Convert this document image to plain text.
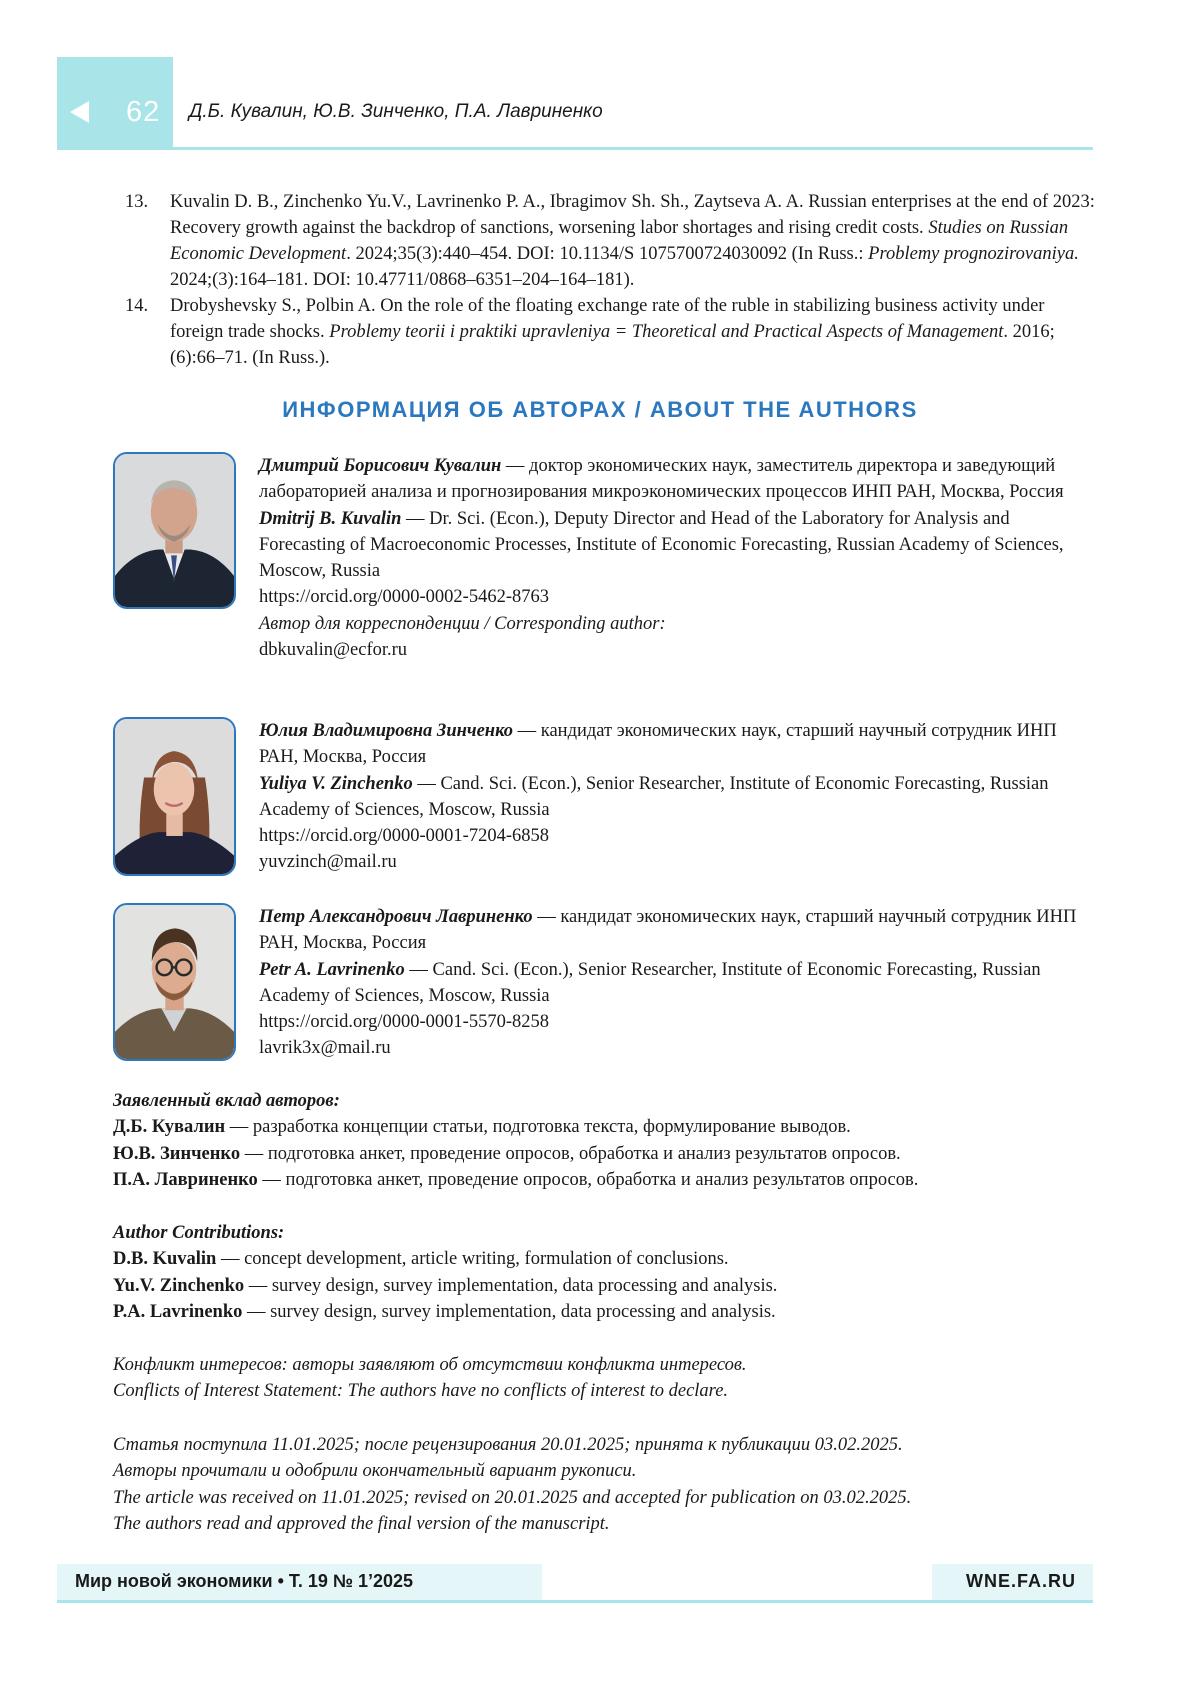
62 Д.Б. Кувалин, Ю.В. Зинченко, П.А. Лавриненко

13. Kuvalin D. B., Zinchenko Yu.V., Lavrinenko P. A., Ibragimov Sh. Sh., Zaytseva A. A. Russian enterprises at the end of 2023: Recovery growth against the backdrop of sanctions, worsening labor shortages and rising credit costs. Studies on Russian Economic Development. 2024;35(3):440–454. DOI: 10.1134/S 1075700724030092 (In Russ.: Problemy prognozirovaniya. 2024;(3):164–181. DOI: 10.47711/0868–6351–204–164–181).

14. Drobyshevsky S., Polbin A. On the role of the floating exchange rate of the ruble in stabilizing business activity under foreign trade shocks. Problemy teorii i praktiki upravleniya = Theoretical and Practical Aspects of Management. 2016;(6):66–71. (In Russ.).

ИНФОРМАЦИЯ ОБ АВТОРАХ / ABOUT THE AUTHORS

Дмитрий Борисович Кувалин — доктор экономических наук, заместитель директора и заведующий лабораторией анализа и прогнозирования микроэкономических процессов ИНП РАН, Москва, Россия

Dmitrij B. Kuvalin — Dr. Sci. (Econ.), Deputy Director and Head of the Laboratory for Analysis and Forecasting of Macroeconomic Processes, Institute of Economic Forecasting, Russian Academy of Sciences, Moscow, Russia

https://orcid.org/0000-0002-5462-8763

Автор для корреспонденции / Corresponding author:

dbkuvalin@ecfor.ru

Юлия Владимировна Зинченко — кандидат экономических наук, старший научный сотрудник ИНП РАН, Москва, Россия

Yuliya V. Zinchenko — Cand. Sci. (Econ.), Senior Researcher, Institute of Economic Forecasting, Russian Academy of Sciences, Moscow, Russia

https://orcid.org/0000-0001-7204-6858

yuvzinch@mail.ru

Петр Александрович Лавриненко — кандидат экономических наук, старший научный сотрудник ИНП РАН, Москва, Россия

Petr A. Lavrinenko — Cand. Sci. (Econ.), Senior Researcher, Institute of Economic Forecasting, Russian Academy of Sciences, Moscow, Russia

https://orcid.org/0000-0001-5570-8258

lavrik3x@mail.ru

Заявленный вклад авторов:

Д.Б. Кувалин — разработка концепции статьи, подготовка текста, формулирование выводов.

Ю.В. Зинченко — подготовка анкет, проведение опросов, обработка и анализ результатов опросов.

П.А. Лавриненко — подготовка анкет, проведение опросов, обработка и анализ результатов опросов.

Author Contributions:

D.B. Kuvalin — concept development, article writing, formulation of conclusions.

Yu.V. Zinchenko — survey design, survey implementation, data processing and analysis.

P.A. Lavrinenko — survey design, survey implementation, data processing and analysis.

Конфликт интересов: авторы заявляют об отсутствии конфликта интересов.

Conflicts of Interest Statement: The authors have no conflicts of interest to declare.

Статья поступила 11.01.2025; после рецензирования 20.01.2025; принята к публикации 03.02.2025.

Авторы прочитали и одобрили окончательный вариант рукописи.

The article was received on 11.01.2025; revised on 20.01.2025 and accepted for publication on 03.02.2025.

The authors read and approved the final version of the manuscript.

Мир новой экономики • Т. 19 № 1’2025	WNE.FA.RU
